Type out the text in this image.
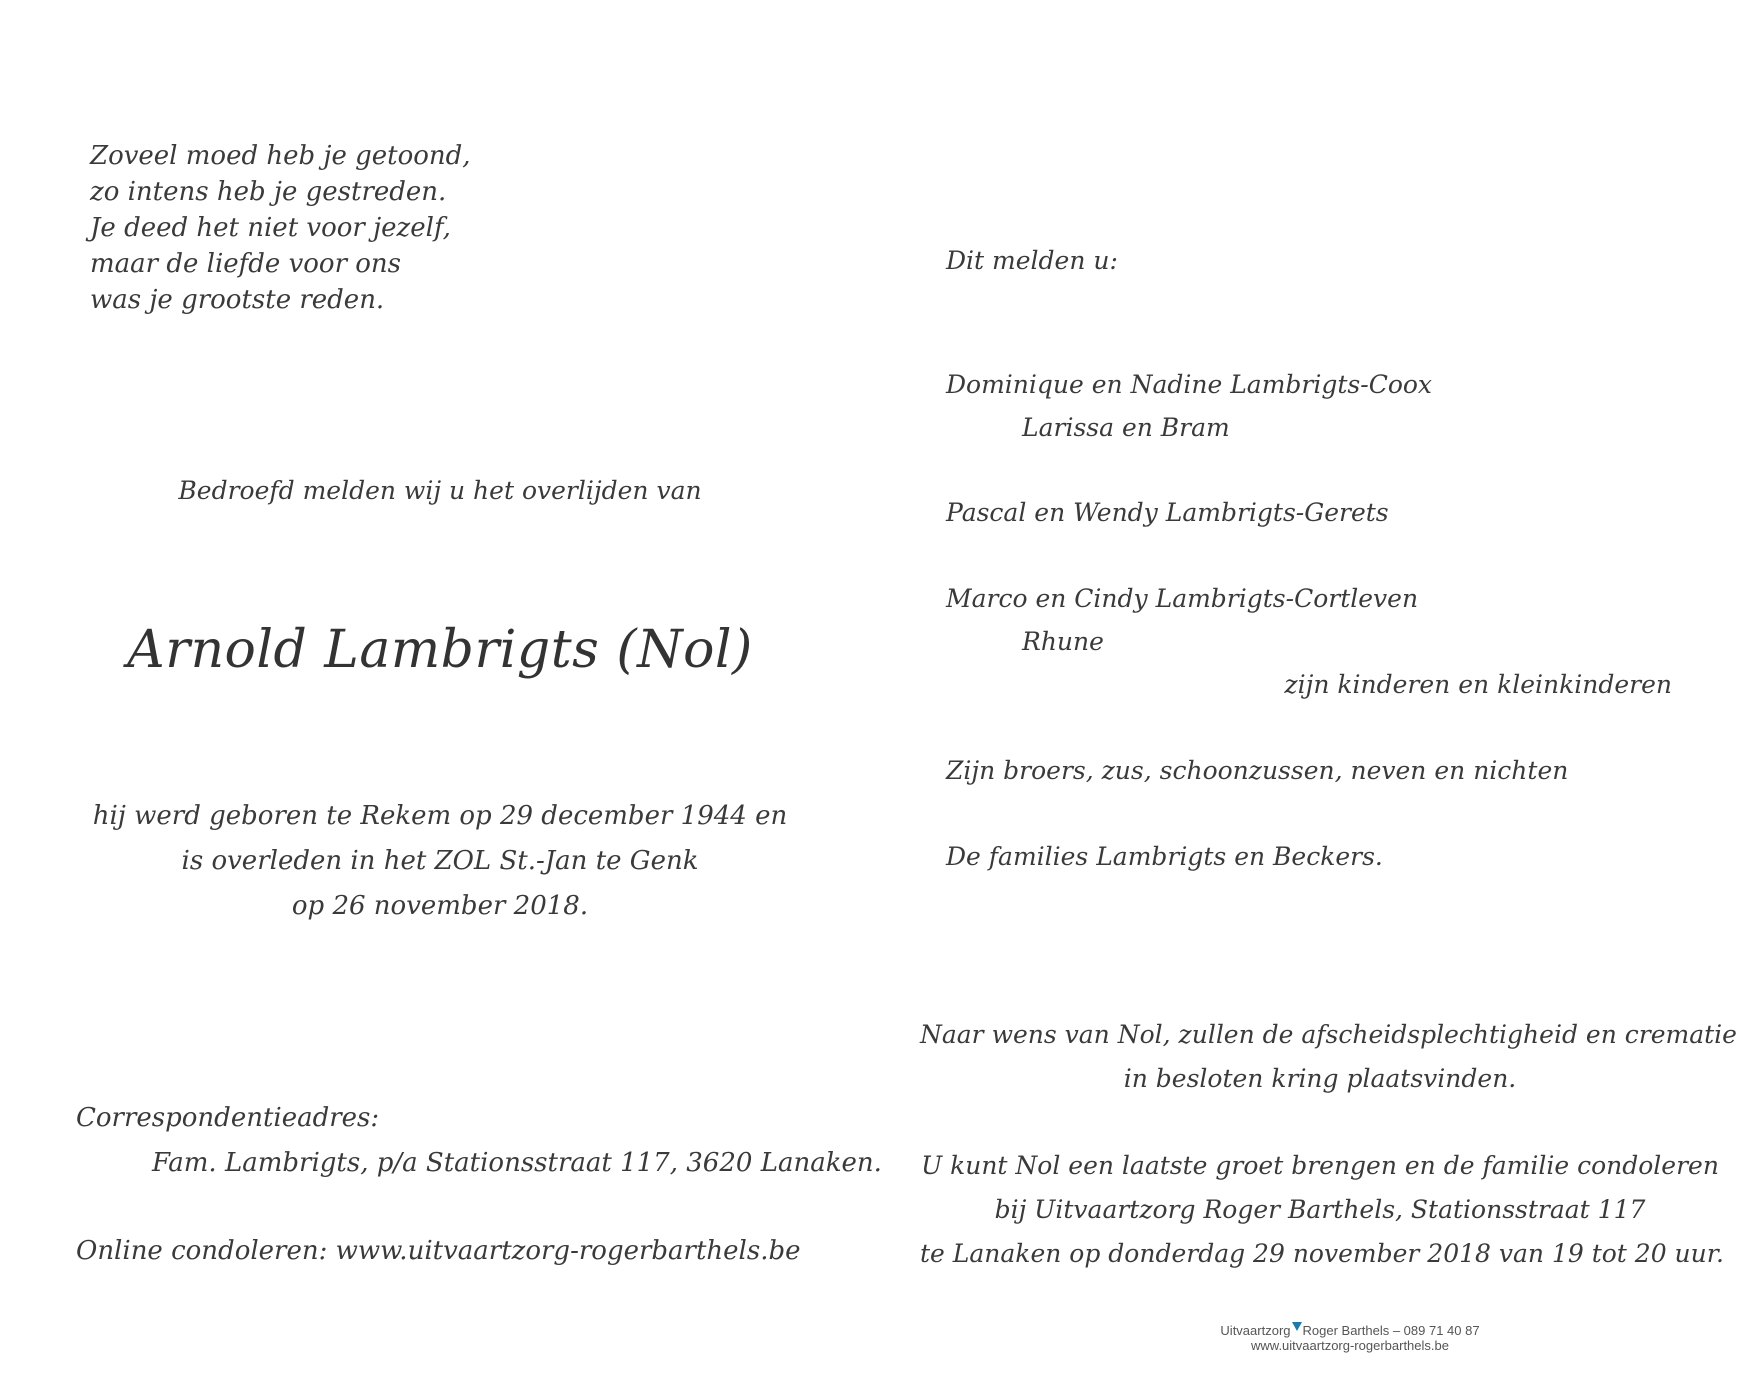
Zoveel moed heb je getoond,
zo intens heb je gestreden.
Je deed het niet voor jezelf,
maar de liefde voor ons
was je grootste reden.
Bedroefd melden wij u het overlijden van
Arnold Lambrigts (Nol)
hij werd geboren te Rekem op 29 december 1944 en
is overleden in het ZOL St.-Jan te Genk
op 26 november 2018.
Correspondentieadres:
Fam. Lambrigts, p/a Stationsstraat 117, 3620 Lanaken.
Online condoleren: www.uitvaartzorg-rogerbarthels.be
Dit melden u:
Dominique en Nadine Lambrigts-Coox
Larissa en Bram
Pascal en Wendy Lambrigts-Gerets
Marco en Cindy Lambrigts-Cortleven
Rhune
zijn kinderen en kleinkinderen
Zijn broers, zus, schoonzussen, neven en nichten
De families Lambrigts en Beckers.
Naar wens van Nol, zullen de afscheidsplechtigheid en crematie
in besloten kring plaatsvinden.
U kunt Nol een laatste groet brengen en de familie condoleren
bij Uitvaartzorg Roger Barthels, Stationsstraat 117
te Lanaken op donderdag 29 november 2018 van 19 tot 20 uur.
Uitvaartzorg Roger Barthels – 089 71 40 87
www.uitvaartzorg-rogerbarthels.be
